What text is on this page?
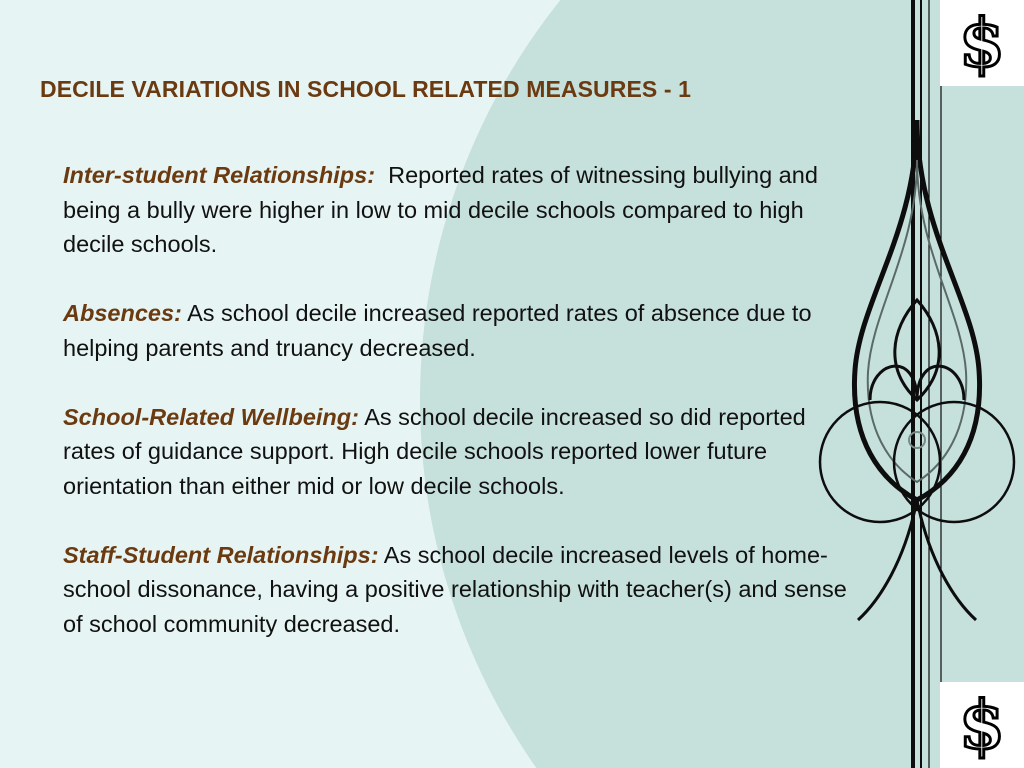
DECILE VARIATIONS IN SCHOOL RELATED MEASURES - 1

Inter-student Relationships: Reported rates of witnessing bullying and being a bully were higher in low to mid decile schools compared to high decile schools.

Absences: As school decile increased reported rates of absence due to helping parents and truancy decreased.

School-Related Wellbeing: As school decile increased so did reported rates of guidance support. High decile schools reported lower future orientation than either mid or low decile schools.

Staff-Student Relationships: As school decile increased levels of home-school dissonance, having a positive relationship with teacher(s) and sense of school community decreased.

$
$
